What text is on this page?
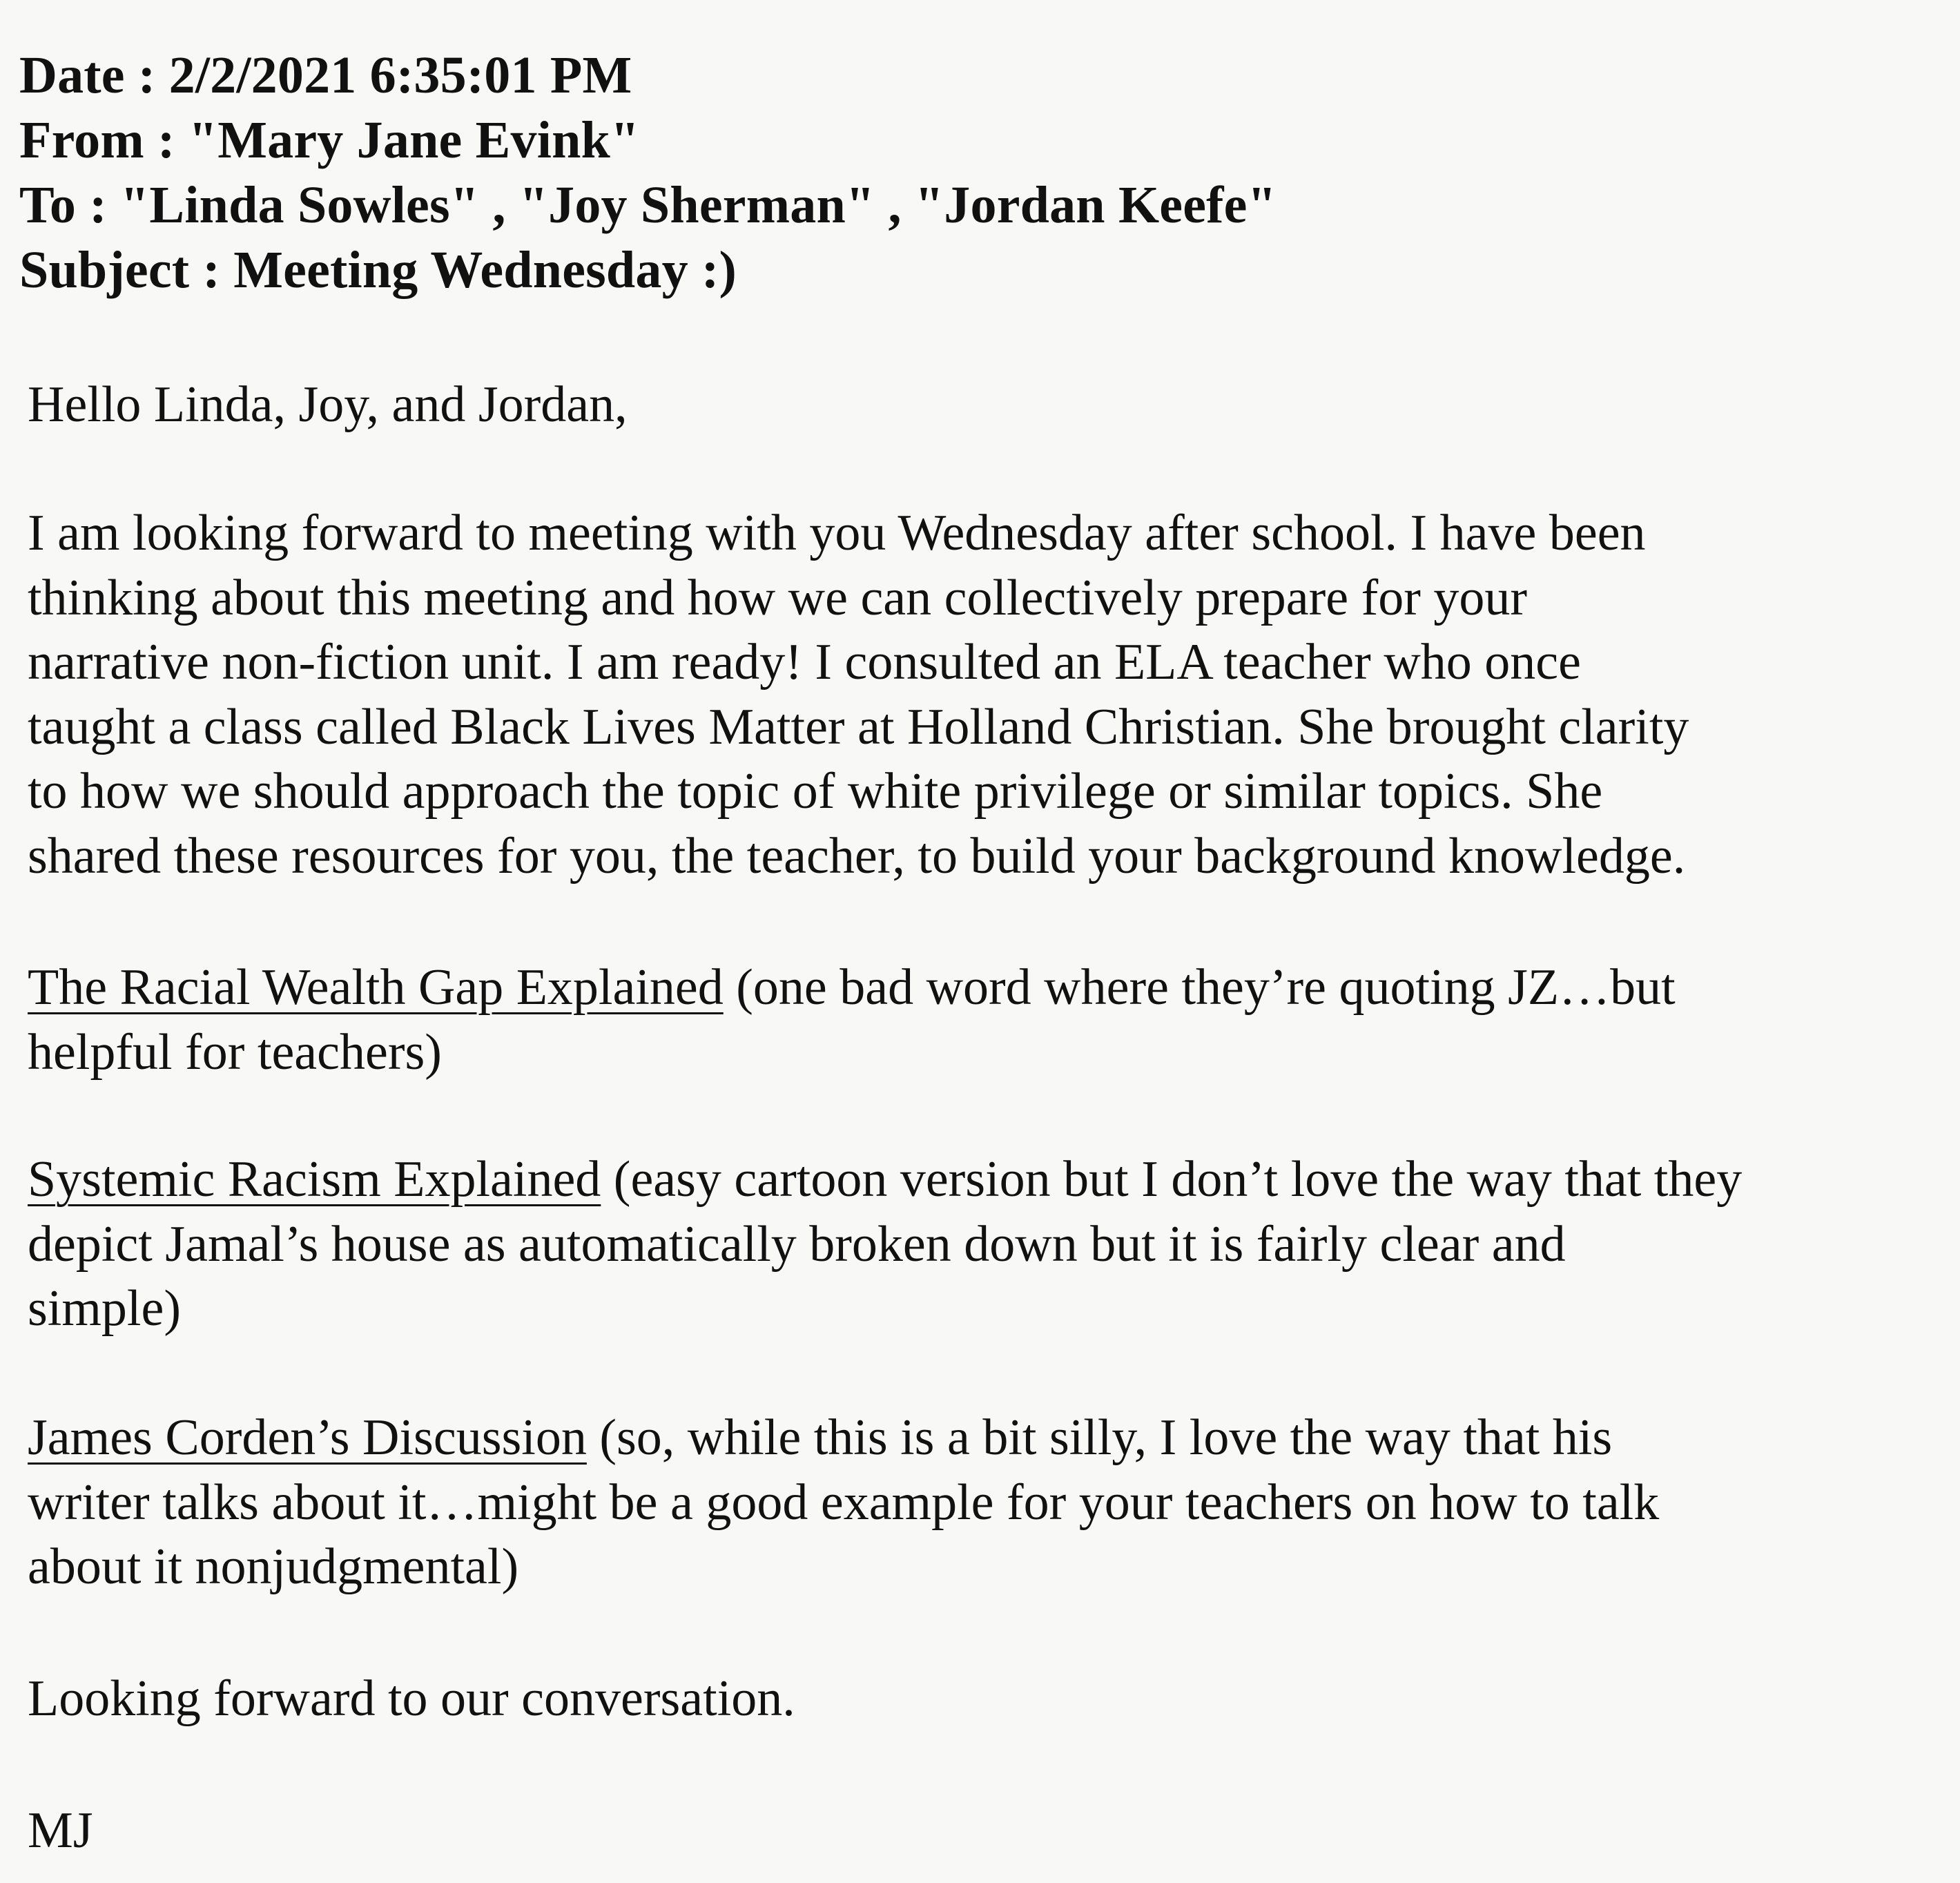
Date : 2/2/2021 6:35:01 PM
From : "Mary Jane Evink"
To : "Linda Sowles" , "Joy Sherman" , "Jordan Keefe"
Subject : Meeting Wednesday :)
Hello Linda, Joy, and Jordan,
I am looking forward to meeting with you Wednesday after school. I have been
thinking about this meeting and how we can collectively prepare for your
narrative non-fiction unit. I am ready! I consulted an ELA teacher who once
taught a class called Black Lives Matter at Holland Christian. She brought clarity
to how we should approach the topic of white privilege or similar topics. She
shared these resources for you, the teacher, to build your background knowledge.
The Racial Wealth Gap Explained (one bad word where they’re quoting JZ…but
helpful for teachers)
Systemic Racism Explained (easy cartoon version but I don’t love the way that they
depict Jamal’s house as automatically broken down but it is fairly clear and
simple)
James Corden’s Discussion (so, while this is a bit silly, I love the way that his
writer talks about it…might be a good example for your teachers on how to talk
about it nonjudgmental)
Looking forward to our conversation.
MJ
